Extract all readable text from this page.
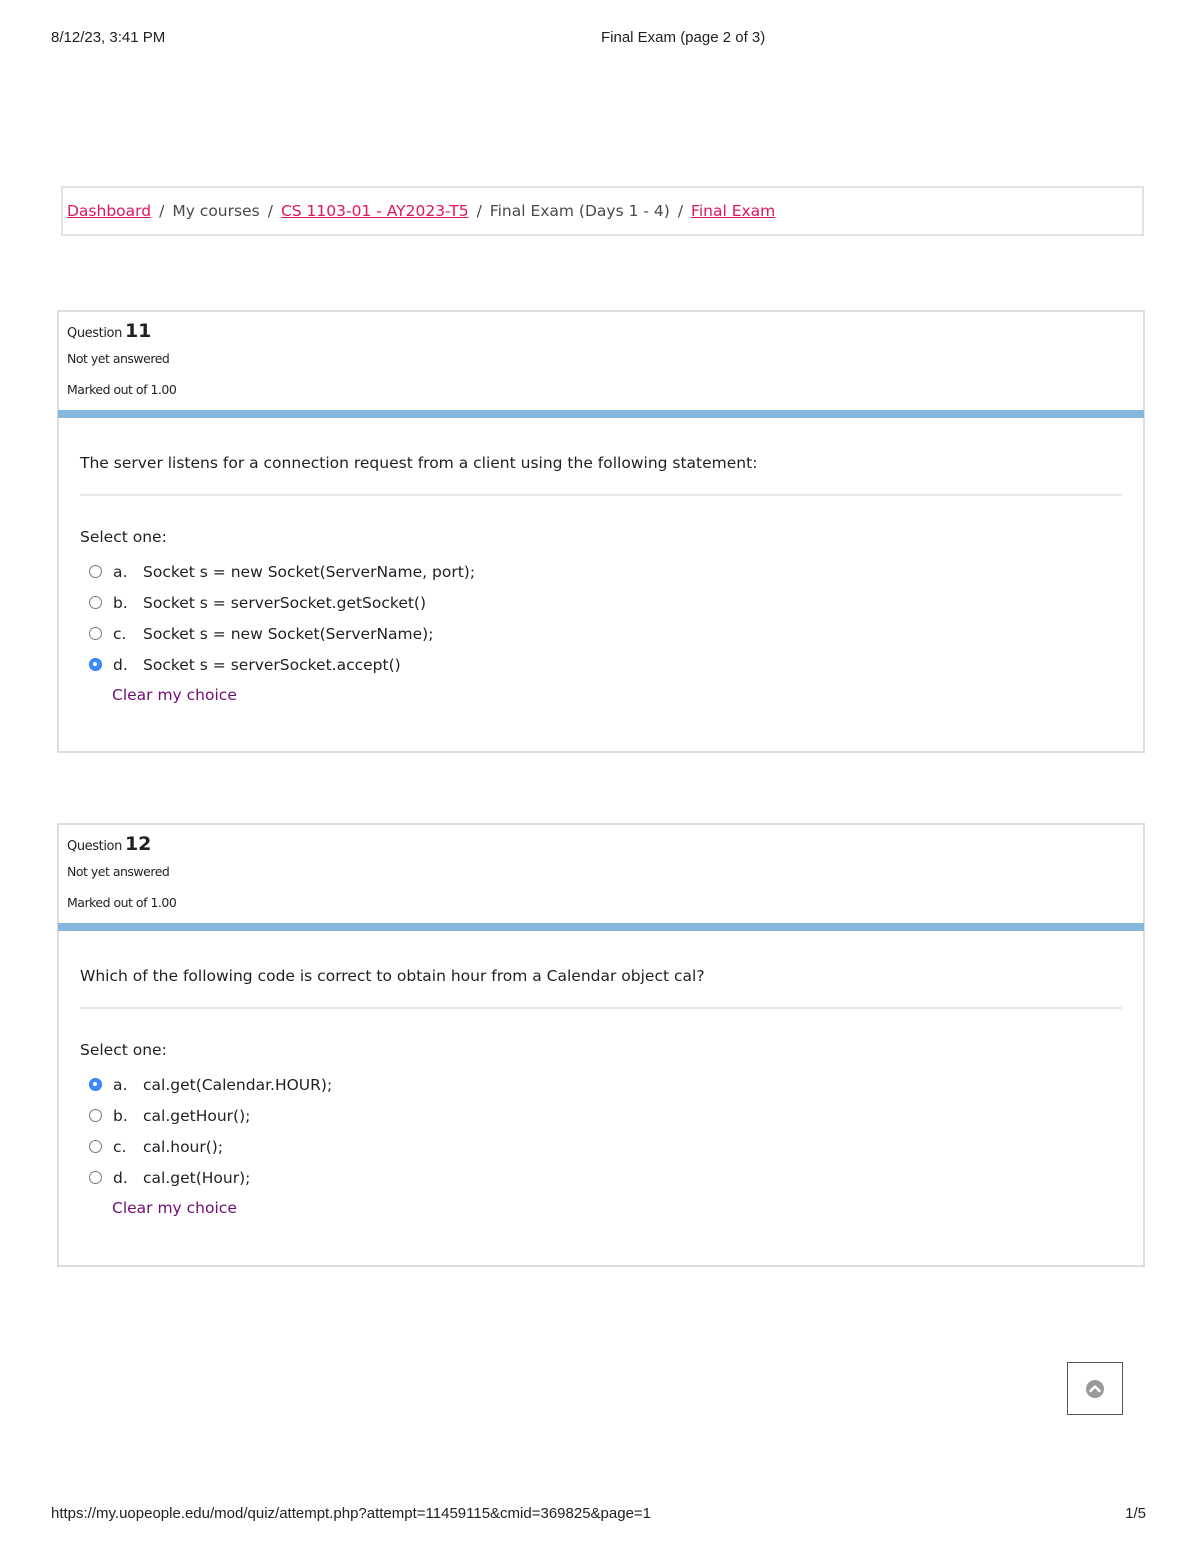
8/12/23, 3:41 PM	Final Exam (page 2 of 3)
Dashboard / My courses / CS 1103-01 - AY2023-T5 / Final Exam (Days 1 - 4) / Final Exam
Question 11
Not yet answered
Marked out of 1.00
The server listens for a connection request from a client using the following statement:
Select one:
a.	Socket s = new Socket(ServerName, port);
b. Socket s = serverSocket.getSocket()
c.	Socket s = new Socket(ServerName);
d. Socket s = serverSocket.accept()
Clear my choice
Question 12
Not yet answered
Marked out of 1.00
Which of the following code is correct to obtain hour from a Calendar object cal?
Select one:
a.	cal.get(Calendar.HOUR);
b. cal.getHour();
c.	cal.hour();
d. cal.get(Hour);
Clear my choice
https://my.uopeople.edu/mod/quiz/attempt.php?attempt=11459115&cmid=369825&page=1	1/5
